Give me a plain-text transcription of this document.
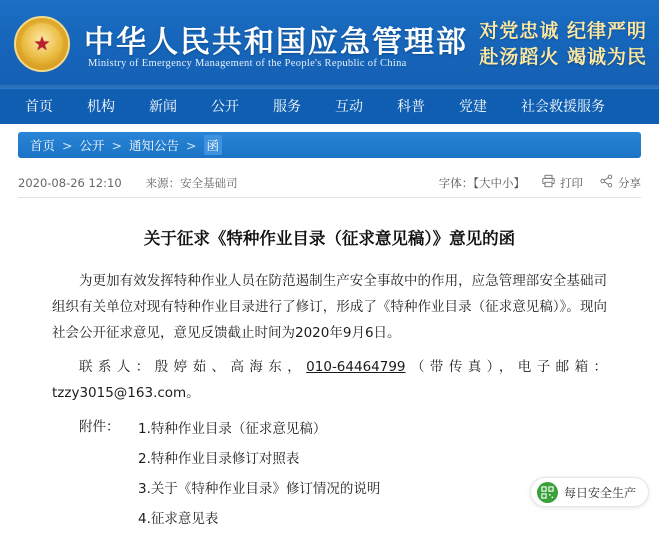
★ 中华人民共和国应急管理部
Ministry of Emergency Management of the People's Republic of China
对党忠诚 纪律严明
赴汤蹈火 竭诚为民
首页	机构	新闻	公开	服务	互动	科普	党建	社会救援服务
首页 > 公开 > 通知公告 > 函
2020-08-26 12:10 来源：安全基础司	字体：【大中小】	打印	分享
关于征求《特种作业目录（征求意见稿）》意见的函

为更加有效发挥特种作业人员在防范遏制生产安全事故中的作用，应急管理部安全基础司组织有关单位对现有特种作业目录进行了修订，形成了《特种作业目录（征求意见稿）》。现向社会公开征求意见，意见反馈截止时间为2020年9月6日。

联系人：殷婷茹、高海东，010-64464799（带传真），电子邮箱：tzzy3015@163.com。

附件：	1.特种作业目录（征求意见稿）
2.特种作业目录修订对照表
3.关于《特种作业目录》修订情况的说明
4.征求意见表
每日安全生产
